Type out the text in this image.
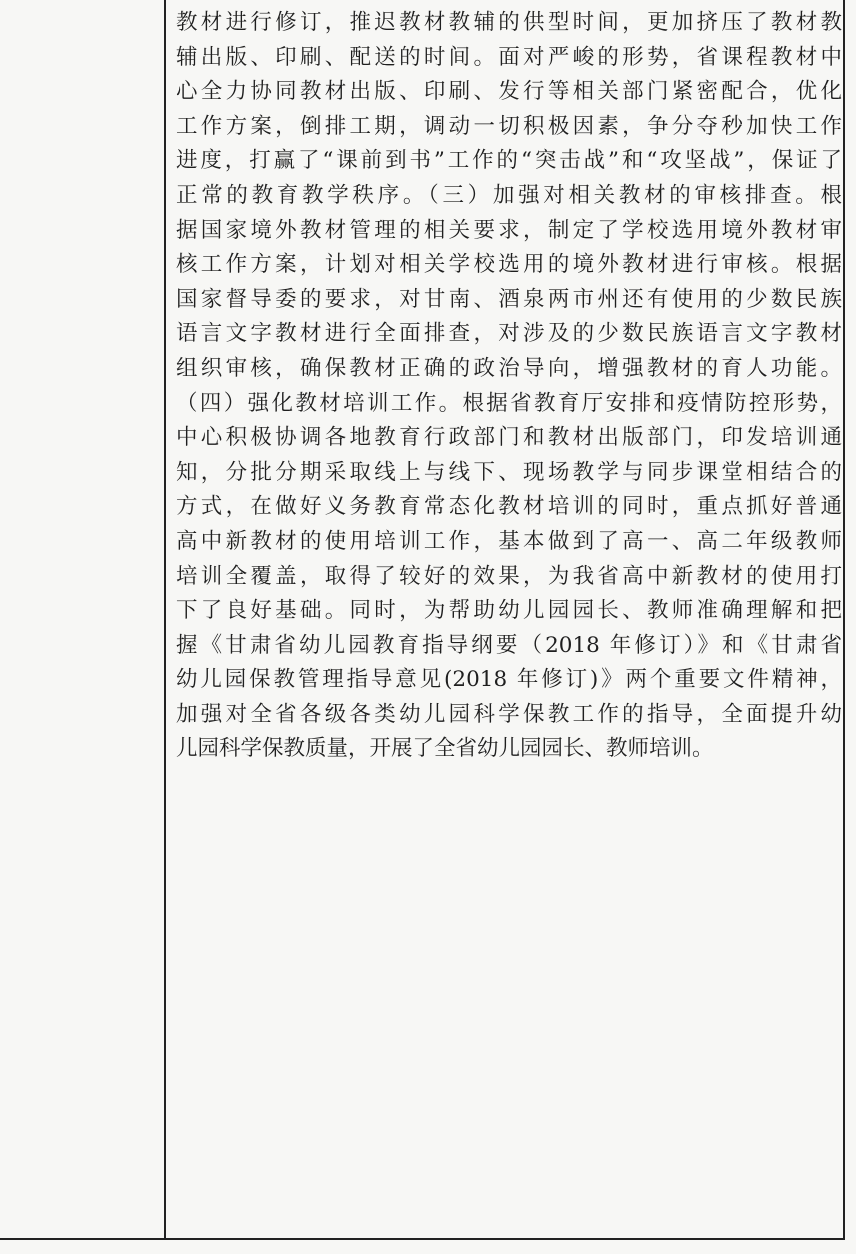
教材进行修订，推迟教材教辅的供型时间，更加挤压了教材教
辅出版、印刷、配送的时间。面对严峻的形势，省课程教材中
心全力协同教材出版、印刷、发行等相关部门紧密配合，优化
工作方案，倒排工期，调动一切积极因素，争分夺秒加快工作
进度，打赢了“课前到书”工作的“突击战”和“攻坚战”，保证了
正常的教育教学秩序。（三）加强对相关教材的审核排查。根
据国家境外教材管理的相关要求，制定了学校选用境外教材审
核工作方案，计划对相关学校选用的境外教材进行审核。根据
国家督导委的要求，对甘南、酒泉两市州还有使用的少数民族
语言文字教材进行全面排查，对涉及的少数民族语言文字教材
组织审核，确保教材正确的政治导向，增强教材的育人功能。
（四）强化教材培训工作。根据省教育厅安排和疫情防控形势，
中心积极协调各地教育行政部门和教材出版部门，印发培训通
知，分批分期采取线上与线下、现场教学与同步课堂相结合的
方式，在做好义务教育常态化教材培训的同时，重点抓好普通
高中新教材的使用培训工作，基本做到了高一、高二年级教师
培训全覆盖，取得了较好的效果，为我省高中新教材的使用打
下了良好基础。同时，为帮助幼儿园园长、教师准确理解和把
握《甘肃省幼儿园教育指导纲要（2018 年修订）》和《甘肃省
幼儿园保教管理指导意见(2018 年修订)》两个重要文件精神，
加强对全省各级各类幼儿园科学保教工作的指导，全面提升幼
儿园科学保教质量，开展了全省幼儿园园长、教师培训。
